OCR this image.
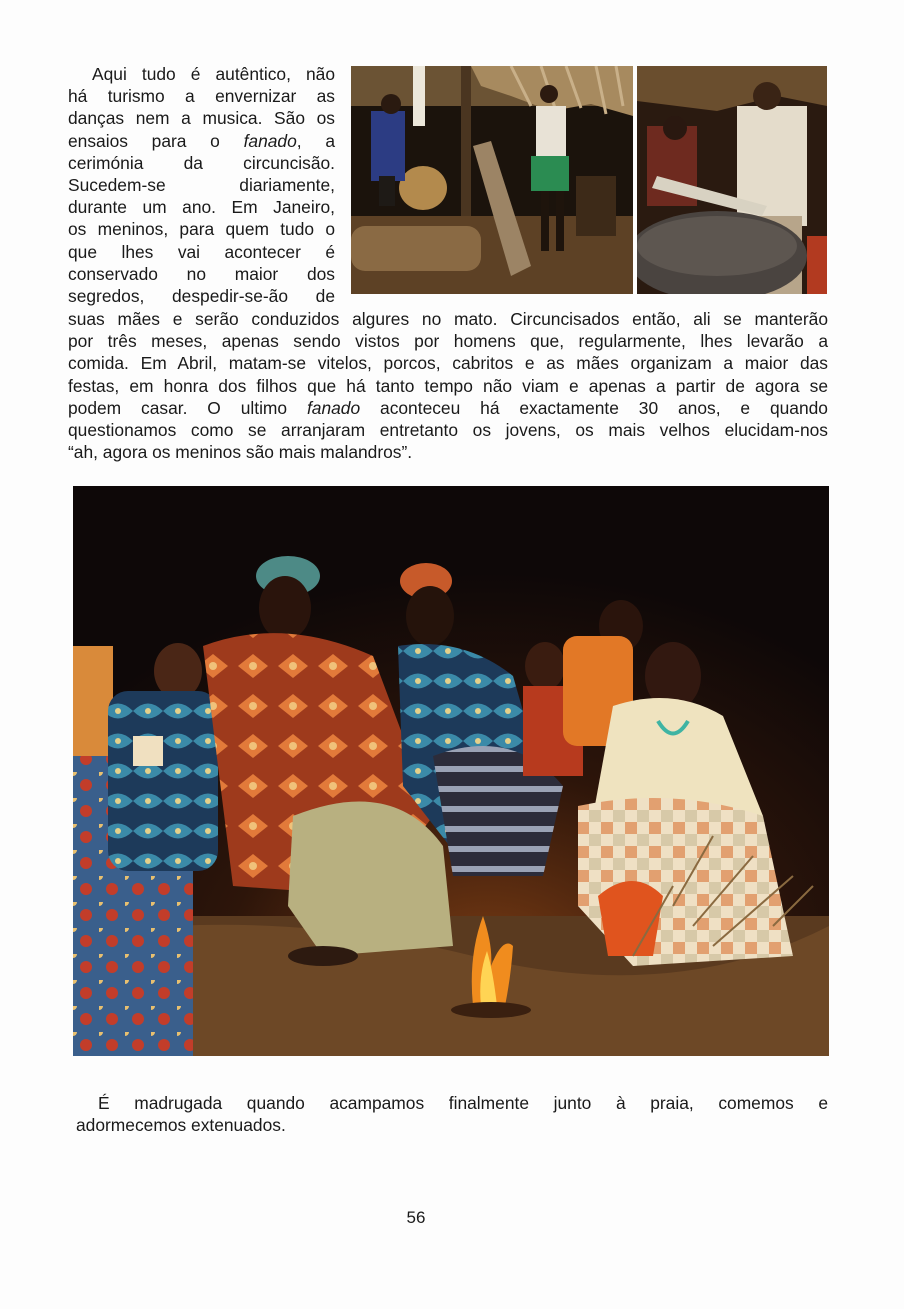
Aqui tudo é autêntico, não
há turismo a envernizar as
danças nem a musica. São os
ensaios para o fanado, a
cerimónia da circuncisão.
Sucedem-se diariamente,
durante um ano. Em Janeiro,
os meninos, para quem tudo o
que lhes vai acontecer é
conservado no maior dos
segredos, despedir-se-ão de

suas mães e serão conduzidos algures no mato. Circuncisados então, ali se manterão
por três meses, apenas sendo vistos por homens que, regularmente, lhes levarão a
comida. Em Abril, matam-se vitelos, porcos, cabritos e as mães organizam a maior das
festas, em honra dos filhos que há tanto tempo não viam e apenas a partir de agora se
podem casar. O ultimo fanado aconteceu há exactamente 30 anos, e quando
questionamos como se arranjaram entretanto os jovens, os mais velhos elucidam-nos
“ah, agora os meninos são mais malandros”.

É madrugada quando acampamos finalmente junto à praia, comemos e
adormecemos extenuados.

56
